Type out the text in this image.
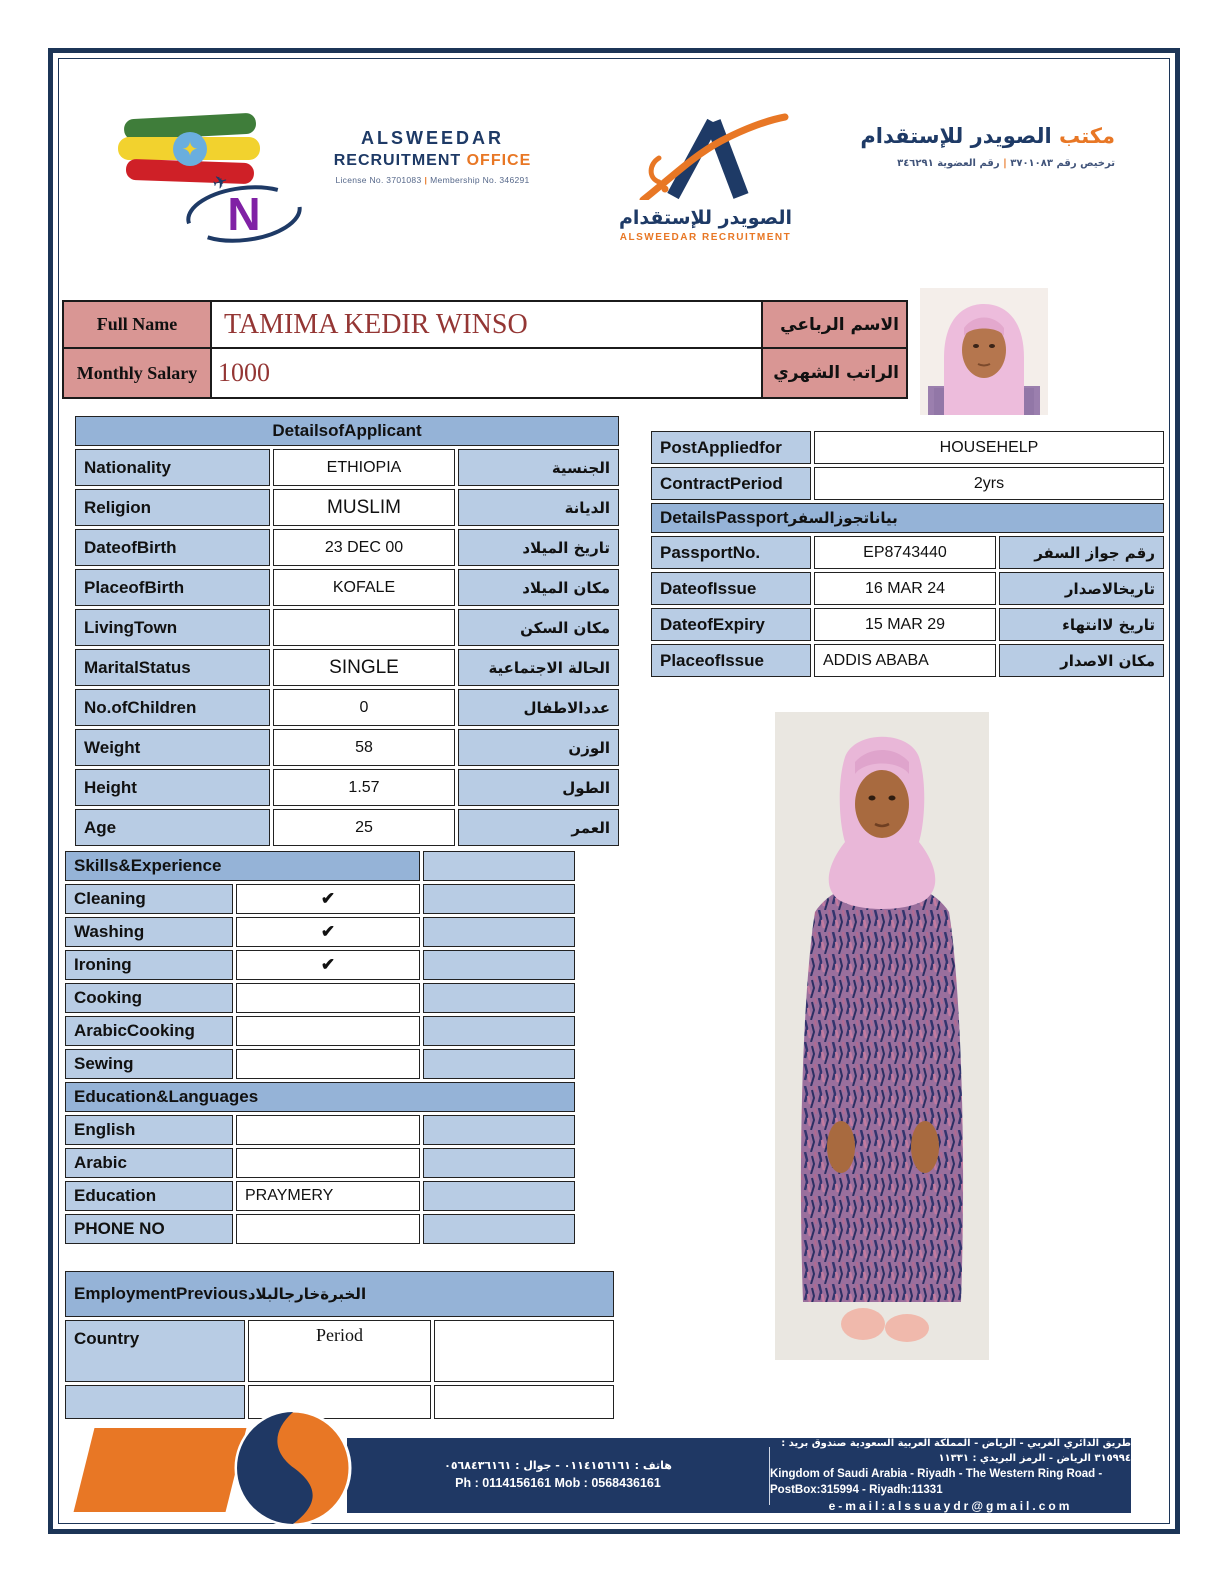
✦
N
✈
ALSWEEDAR
RECRUITMENT OFFICE
License No. 3701083 | Membership No. 346291
الصويدر للإستقدام
ALSWEEDAR RECRUITMENT
مكتب الصويدر للإستقدام
ترخيص رقم ٣٧٠١٠٨٣ | رقم العضوية ٣٤٦٢٩١
Full Name	TAMIMA KEDIR WINSO	الاسم الرباعي
Monthly Salary	1000	الراتب الشهري
DetailsofApplicant		
Nationality	ETHIOPIA	الجنسية
Religion	MUSLIM	الديانة
DateofBirth	23 DEC 00	تاريخ الميلاد
PlaceofBirth	KOFALE	مكان الميلاد
LivingTown		مكان السكن
MaritalStatus	SINGLE	الحالة الاجتماعية
No.ofChildren	0	عددالاطفال
Weight	58	الوزن
Height	1.57	الطول
Age	25	العمر
PostAppliedfor	HOUSEHELP	
ContractPeriod	2yrs	
DetailsPassportبياناتجوزالسفر		
PassportNo.	EP8743440	رقم جواز السفر
DateofIssue	16 MAR 24	تاريخالاصدار
DateofExpiry	15 MAR 29	تاريخ لاانتهاء
PlaceofIssue	ADDIS ABABA	مكان الاصدار
Skills&Experience		
Cleaning	✔	
Washing	✔	
Ironing	✔	
Cooking		
ArabicCooking		
Sewing		
Education&Languages		
English		
Arabic		
Education	PRAYMERY	
PHONE NO		
EmploymentPreviousالخبرةخارجالبلاد		
Country	Period	

هاتف : ٠١١٤١٥٦١٦١ - جوال : ٠٥٦٨٤٣٦١٦١
Ph : 0114156161 Mob : 0568436161
طريق الدائري الغربي - الرياض - المملكة العربية السعودية صندوق بريد : ٣١٥٩٩٤ الرياض - الرمز البريدي : ١١٣٣١
Kingdom of Saudi Arabia - Riyadh - The Western Ring Road - PostBox:315994 - Riyadh:11331
e-mail:alssuaydr@gmail.com
